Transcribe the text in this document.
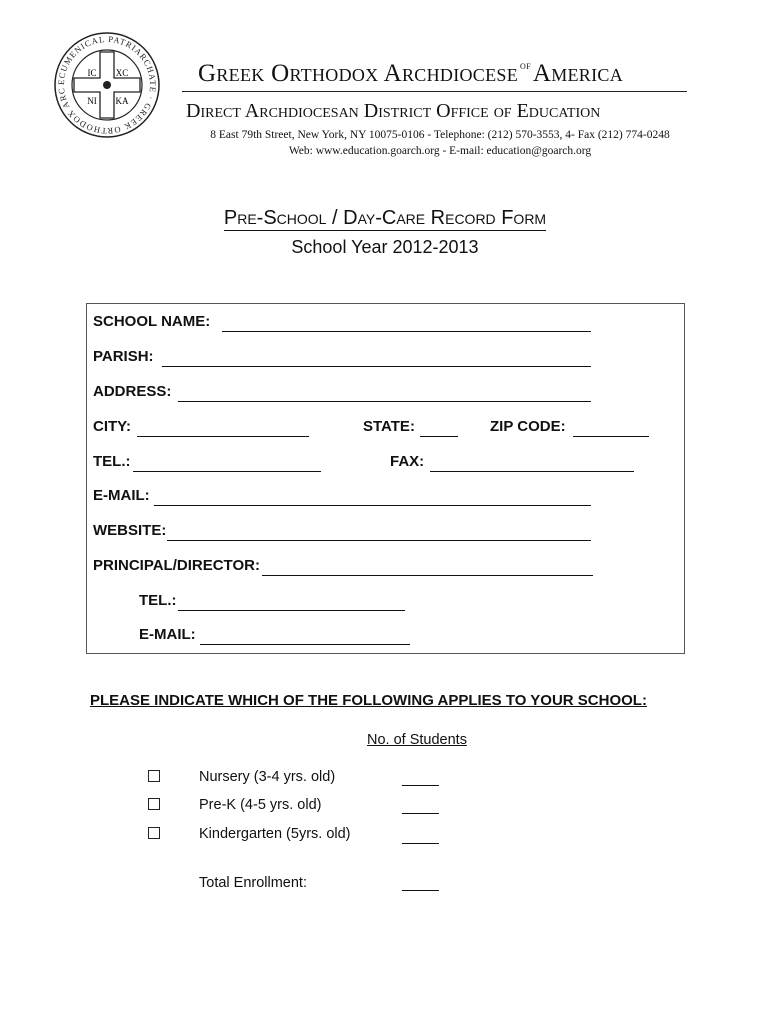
ECUMENICAL PATRIARCHATE · GREEK ORTHODOX ARC
IC XC
NI KA
Greek Orthodox Archdiocese $^{of}$America
Direct Archdiocesan District Office of Education
8 East 79th Street, New York, NY 10075-0106 - Telephone: (212) 570-3553, 4- Fax (212) 774-0248
Web: www.education.goarch.org - E-mail: education@goarch.org
Pre-School / Day-Care Record Form
School Year 2012-2013
SCHOOL NAME:
PARISH:
ADDRESS:
CITY:	STATE:	ZIP CODE:
TEL.:	FAX:
E-MAIL:
WEBSITE:
PRINCIPAL/DIRECTOR:
TEL.:
E-MAIL:
PLEASE INDICATE WHICH OF THE FOLLOWING APPLIES TO YOUR SCHOOL:
No. of Students
Nursery (3-4 yrs. old)
Pre-K (4-5 yrs. old)
Kindergarten (5yrs. old)
Total Enrollment:
